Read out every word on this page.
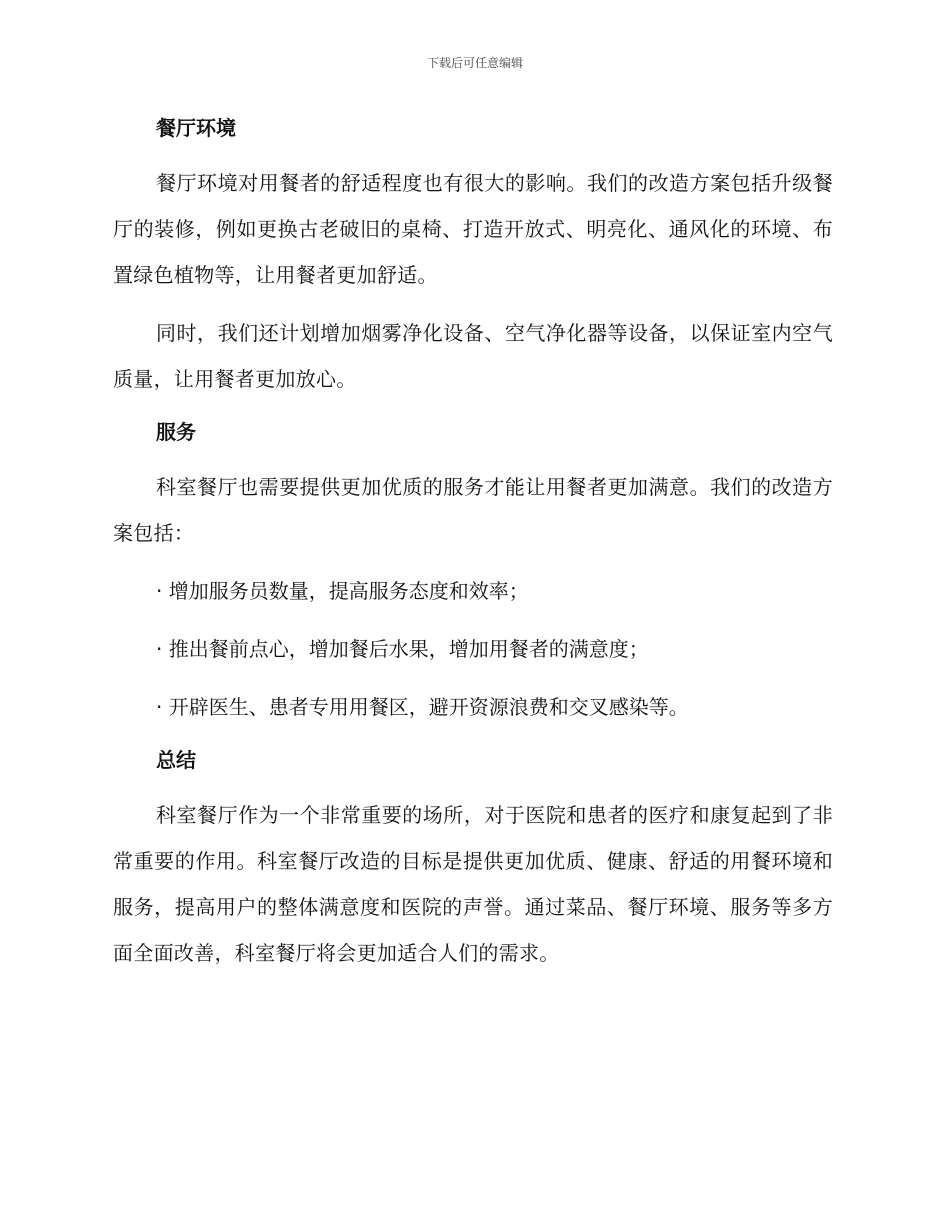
下载后可任意编辑
餐厅环境

餐厅环境对用餐者的舒适程度也有很大的影响。我们的改造方案包括升级餐厅的装修，例如更换古老破旧的桌椅、打造开放式、明亮化、通风化的环境、布置绿色植物等，让用餐者更加舒适。

同时，我们还计划增加烟雾净化设备、空气净化器等设备，以保证室内空气质量，让用餐者更加放心。

服务

科室餐厅也需要提供更加优质的服务才能让用餐者更加满意。我们的改造方案包括：

· 增加服务员数量，提高服务态度和效率；

· 推出餐前点心，增加餐后水果，增加用餐者的满意度；

· 开辟医生、患者专用用餐区，避开资源浪费和交叉感染等。

总结

科室餐厅作为一个非常重要的场所，对于医院和患者的医疗和康复起到了非常重要的作用。科室餐厅改造的目标是提供更加优质、健康、舒适的用餐环境和服务，提高用户的整体满意度和医院的声誉。通过菜品、餐厅环境、服务等多方面全面改善，科室餐厅将会更加适合人们的需求。
